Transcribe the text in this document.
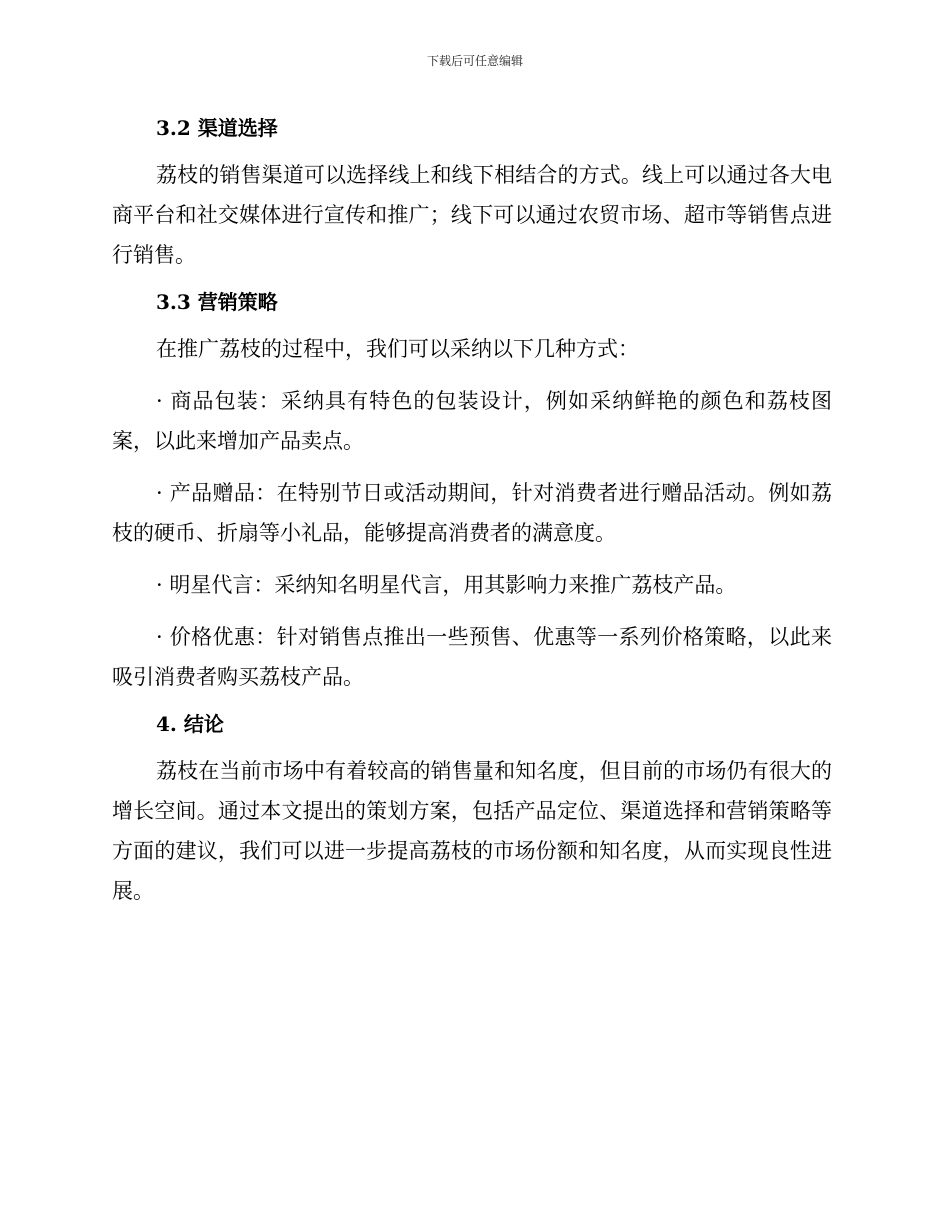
下载后可任意编辑
3.2 渠道选择

荔枝的销售渠道可以选择线上和线下相结合的方式。线上可以通过各大电商平台和社交媒体进行宣传和推广；线下可以通过农贸市场、超市等销售点进行销售。

3.3 营销策略

在推广荔枝的过程中，我们可以采纳以下几种方式：

· 商品包装：采纳具有特色的包装设计，例如采纳鲜艳的颜色和荔枝图案，以此来增加产品卖点。

· 产品赠品：在特别节日或活动期间，针对消费者进行赠品活动。例如荔枝的硬币、折扇等小礼品，能够提高消费者的满意度。

· 明星代言：采纳知名明星代言，用其影响力来推广荔枝产品。

· 价格优惠：针对销售点推出一些预售、优惠等一系列价格策略，以此来吸引消费者购买荔枝产品。

4. 结论

荔枝在当前市场中有着较高的销售量和知名度，但目前的市场仍有很大的增长空间。通过本文提出的策划方案，包括产品定位、渠道选择和营销策略等方面的建议，我们可以进一步提高荔枝的市场份额和知名度，从而实现良性进展。
